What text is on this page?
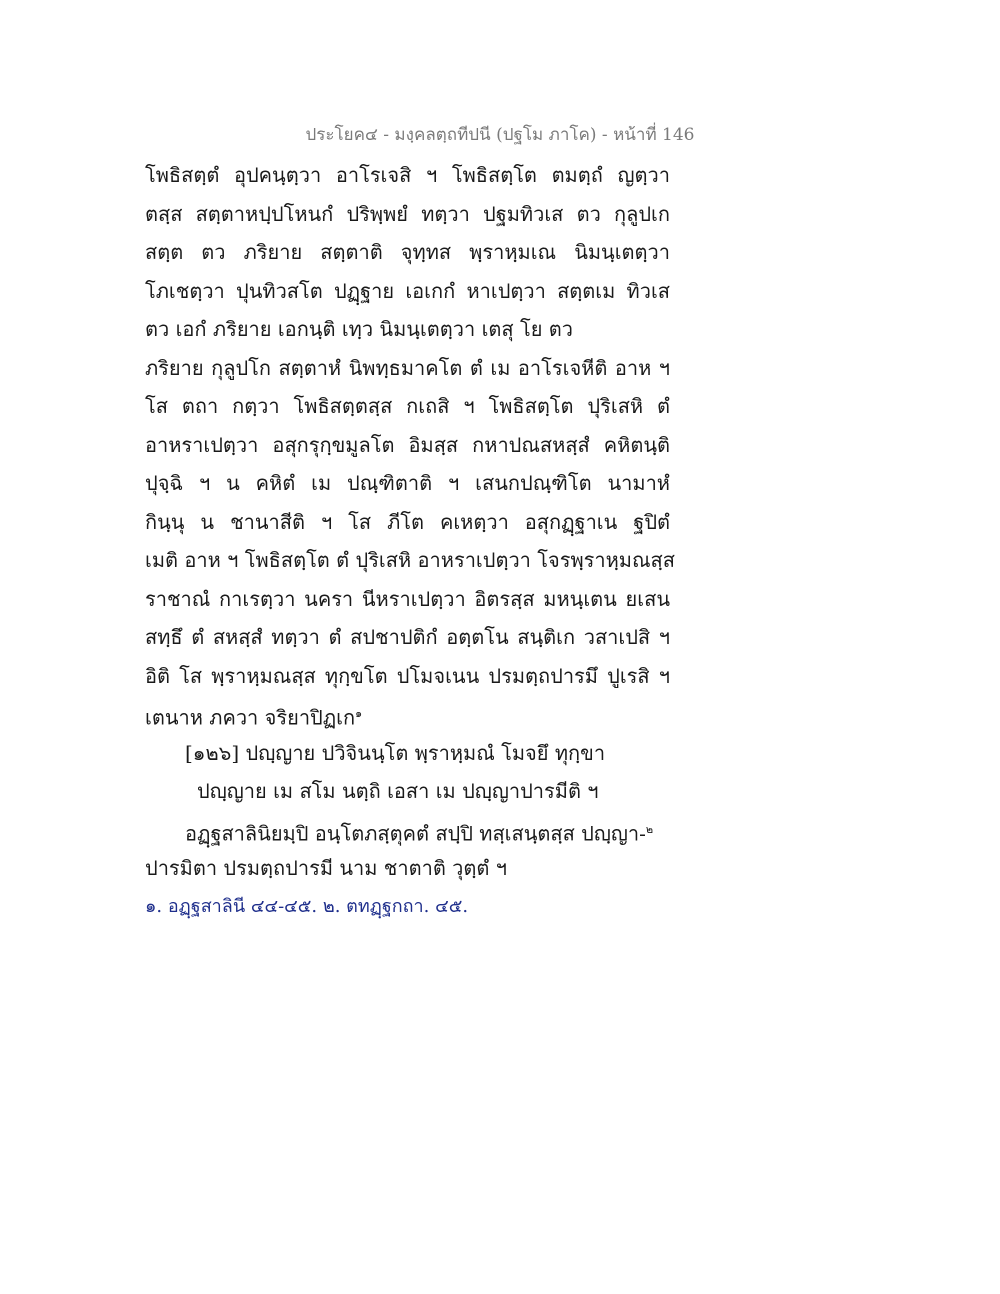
ประโยค๔ - มงฺคลตฺถทีปนี (ปฐโม ภาโค) - หน้าที่ 146
โพธิสตฺตํ อุปคนฺตฺวา อาโรเจสิ ฯ โพธิสตฺโต ตมตฺถํ ญตฺวา
ตสฺส สตฺตาหปฺปโหนกํ ปริพฺพยํ ทตฺวา ปฐมทิวเส ตว กุลูปเก
สตฺต ตว ภริยาย สตฺตาติ จุทฺทส พฺราหฺมเณ นิมนฺเตตฺวา
โภเชตฺวา ปุนทิวสโต ปฏฺฐาย เอเกกํ หาเปตฺวา สตฺตเม ทิวเส
ตว เอกํ ภริยาย เอกนฺติ เทฺว นิมนฺเตตฺวา เตสุ โย ตว
ภริยาย กุลูปโก สตฺตาหํ นิพทฺธมาคโต ตํ เม อาโรเจหีติ อาห ฯ
โส ตถา กตฺวา โพธิสตฺตสฺส กเถสิ ฯ โพธิสตฺโต ปุริเสหิ ตํ
อาหราเปตฺวา อสุกรุกฺขมูลโต อิมสฺส กหาปณสหสฺสํ คหิตนฺติ
ปุจฺฉิ ฯ น คหิตํ เม ปณฺฑิตาติ ฯ เสนกปณฺฑิโต นามาหํ
กินฺนุ น ชานาสีติ ฯ โส ภีโต คเหตฺวา อสุกฏฺฐาเน ฐปิตํ
เมติ อาห ฯ โพธิสตฺโต ตํ ปุริเสหิ อาหราเปตฺวา โจรพฺราหฺมณสฺส
ราชาณํ กาเรตฺวา นครา นีหราเปตฺวา อิตรสฺส มหนฺเตน ยเสน
สทฺธึ ตํ สหสฺสํ ทตฺวา ตํ สปชาปติกํ อตฺตโน สนฺติเก วสาเปสิ ฯ
อิติ โส พฺราหฺมณสฺส ทุกฺขโต ปโมจเนน ปรมตฺถปารมึ ปูเรสิ ฯ
เตนาห ภควา จริยาปิฏเก$^๑$
[๑๒๖] ปญฺญาย ปวิจินนฺโต พฺราหฺมณํ โมจยึ ทุกฺขา
ปญฺญาย เม สโม นตฺถิ เอสา เม ปญฺญาปารมีติ ฯ
อฏฺฐสาลินิยมฺปิ อนฺโตภสฺตุคตํ สปฺปิ ทสฺเสนฺตสฺส ปญฺญา-$^๒$
ปารมิตา ปรมตฺถปารมี นาม ชาตาติ วุตฺตํ ฯ
๑. อฏฺฐสาลินี ๔๔-๔๕. ๒. ตทฏฺฐกถา. ๔๕.
